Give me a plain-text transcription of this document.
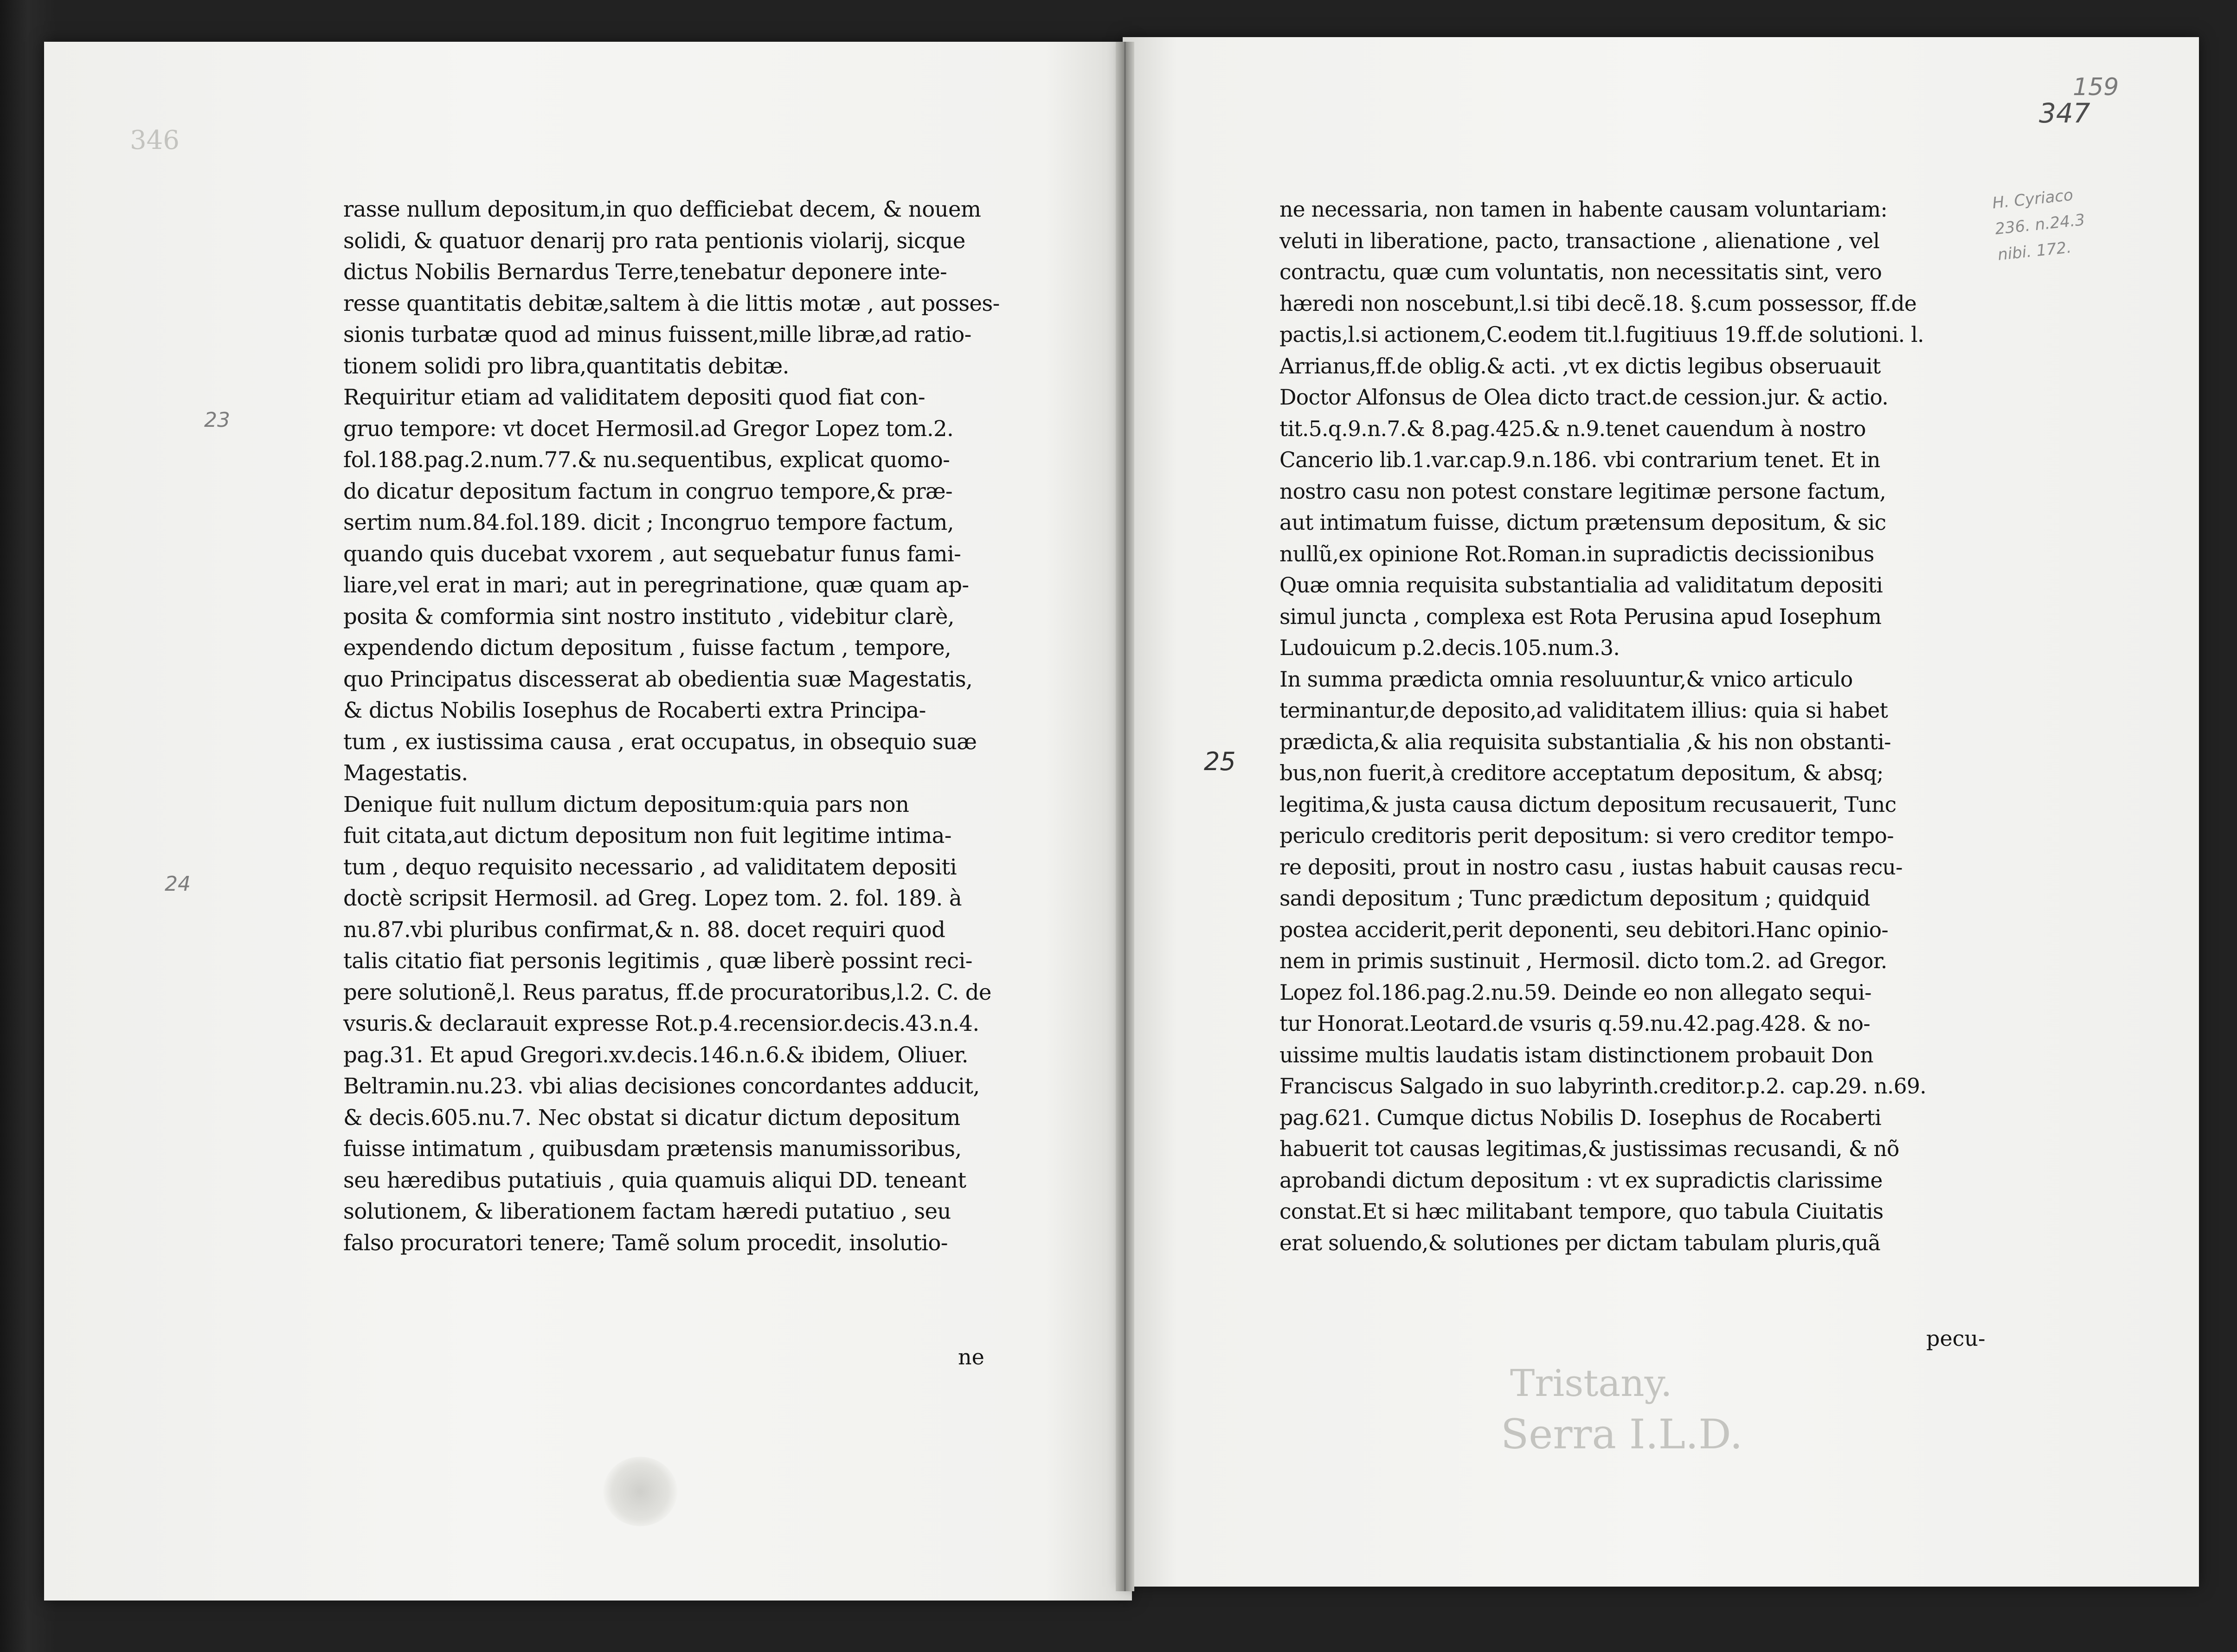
346
Tristany.
Serra I.L.D.
23
24
25
159
347
H. Cyriaco
236. n.24.3
nibi. 172.
rasse nullum depositum,in quo defficiebat decem, & nouem
solidi, & quatuor denarij pro rata pentionis violarij, sicque
dictus Nobilis Bernardus Terre,tenebatur deponere inte-
resse quantitatis debitæ,saltem à die littis motæ , aut posses-
sionis turbatæ quod ad minus fuissent,mille libræ,ad ratio-
tionem solidi pro libra,quantitatis debitæ.
Requiritur etiam ad validitatem depositi quod fiat con-
gruo tempore: vt docet Hermosil.ad Gregor Lopez tom.2.
fol.188.pag.2.num.77.& nu.sequentibus, explicat quomo-
do dicatur depositum factum in congruo tempore,& præ-
sertim num.84.fol.189. dicit ; Incongruo tempore factum,
quando quis ducebat vxorem , aut sequebatur funus fami-
liare,vel erat in mari; aut in peregrinatione, quæ quam ap-
posita & comformia sint nostro instituto , videbitur clarè,
expendendo dictum depositum , fuisse factum , tempore,
quo Principatus discesserat ab obedientia suæ Magestatis,
& dictus Nobilis Iosephus de Rocaberti extra Principa-
tum , ex iustissima causa , erat occupatus, in obsequio suæ
Magestatis.
Denique fuit nullum dictum depositum:quia pars non
fuit citata,aut dictum depositum non fuit legitime intima-
tum , dequo requisito necessario , ad validitatem depositi
doctè scripsit Hermosil. ad Greg. Lopez tom. 2. fol. 189. à
nu.87.vbi pluribus confirmat,& n. 88. docet requiri quod
talis citatio fiat personis legitimis , quæ liberè possint reci-
pere solutionẽ,l. Reus paratus, ff.de procuratoribus,l.2. C. de
vsuris.& declarauit expresse Rot.p.4.recensior.decis.43.n.4.
pag.31. Et apud Gregori.xv.decis.146.n.6.& ibidem, Oliuer.
Beltramin.nu.23. vbi alias decisiones concordantes adducit,
& decis.605.nu.7. Nec obstat si dicatur dictum depositum
fuisse intimatum , quibusdam prætensis manumissoribus,
seu hæredibus putatiuis , quia quamuis aliqui DD. teneant
solutionem, & liberationem factam hæredi putatiuo , seu
falso procuratori tenere; Tamẽ solum procedit, insolutio-
ne
ne necessaria, non tamen in habente causam voluntariam:
veluti in liberatione, pacto, transactione , alienatione , vel
contractu, quæ cum voluntatis, non necessitatis sint, vero
hæredi non noscebunt,l.si tibi decẽ.18. §.cum possessor, ff.de
pactis,l.si actionem,C.eodem tit.l.fugitiuus 19.ff.de solutioni. l.
Arrianus,ff.de oblig.& acti. ,vt ex dictis legibus obseruauit
Doctor Alfonsus de Olea dicto tract.de cession.jur. & actio.
tit.5.q.9.n.7.& 8.pag.425.& n.9.tenet cauendum à nostro
Cancerio lib.1.var.cap.9.n.186. vbi contrarium tenet. Et in
nostro casu non potest constare legitimæ persone factum,
aut intimatum fuisse, dictum prætensum depositum, & sic
nullũ,ex opinione Rot.Roman.in supradictis decissionibus
Quæ omnia requisita substantialia ad validitatum depositi
simul juncta , complexa est Rota Perusina apud Iosephum
Ludouicum p.2.decis.105.num.3.
In summa prædicta omnia resoluuntur,& vnico articulo
terminantur,de deposito,ad validitatem illius: quia si habet
prædicta,& alia requisita substantialia ,& his non obstanti-
bus,non fuerit,à creditore acceptatum depositum, & absq;
legitima,& justa causa dictum depositum recusauerit, Tunc
periculo creditoris perit depositum: si vero creditor tempo-
re depositi, prout in nostro casu , iustas habuit causas recu-
sandi depositum ; Tunc prædictum depositum ; quidquid
postea acciderit,perit deponenti, seu debitori.Hanc opinio-
nem in primis sustinuit , Hermosil. dicto tom.2. ad Gregor.
Lopez fol.186.pag.2.nu.59. Deinde eo non allegato sequi-
tur Honorat.Leotard.de vsuris q.59.nu.42.pag.428. & no-
uissime multis laudatis istam distinctionem probauit Don
Franciscus Salgado in suo labyrinth.creditor.p.2. cap.29. n.69.
pag.621. Cumque dictus Nobilis D. Iosephus de Rocaberti
habuerit tot causas legitimas,& justissimas recusandi, & nõ
aprobandi dictum depositum : vt ex supradictis clarissime
constat.Et si hæc militabant tempore, quo tabula Ciuitatis
erat soluendo,& solutiones per dictam tabulam pluris,quã
pecu-
